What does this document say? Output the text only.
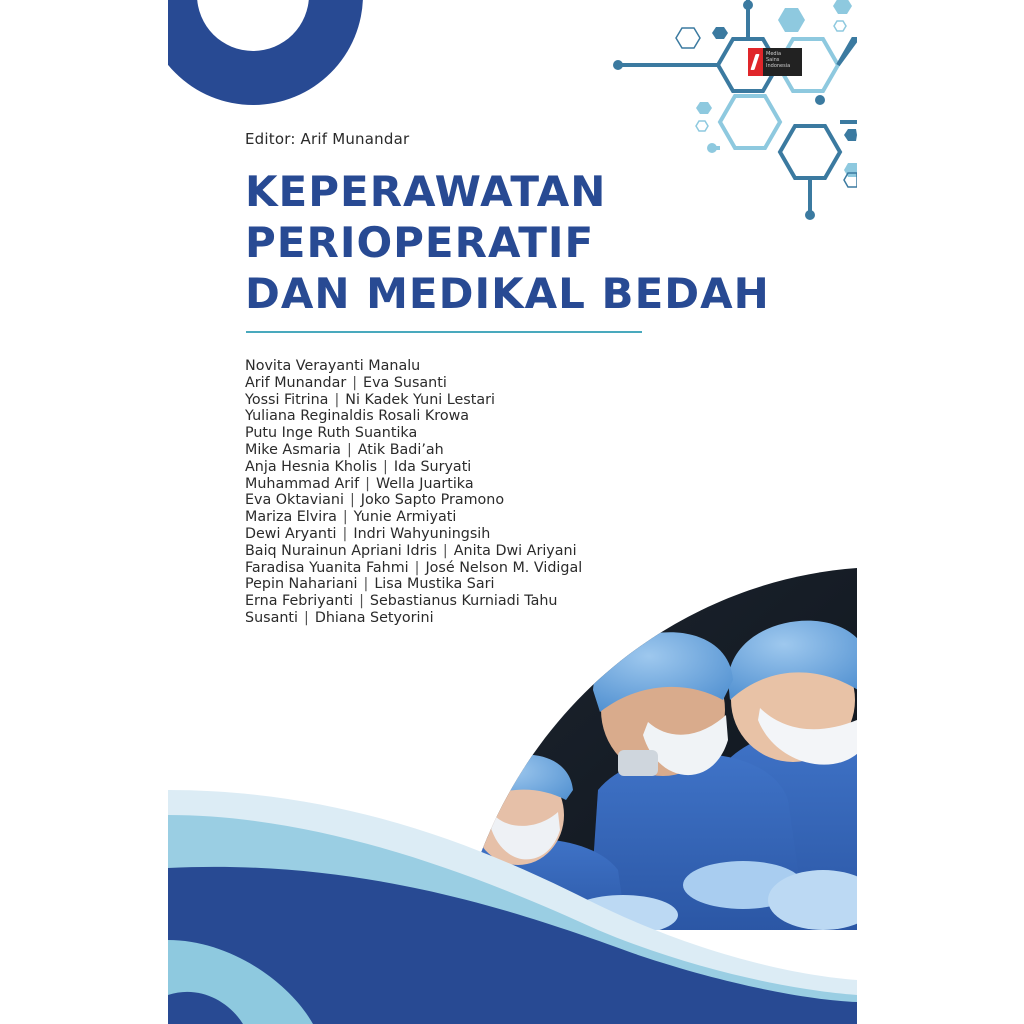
Media
Sains
Indonesia
Editor: Arif Munandar
KEPERAWATAN
PERIOPERATIF
DAN MEDIKAL BEDAH
Novita Verayanti Manalu
Arif Munandar | Eva Susanti
Yossi Fitrina | Ni Kadek Yuni Lestari
Yuliana Reginaldis Rosali Krowa
Putu Inge Ruth Suantika
Mike Asmaria | Atik Badi’ah
Anja Hesnia Kholis | Ida Suryati
Muhammad Arif | Wella Juartika
Eva Oktaviani | Joko Sapto Pramono
Mariza Elvira | Yunie Armiyati
Dewi Aryanti | Indri Wahyuningsih
Baiq Nurainun Apriani Idris | Anita Dwi Ariyani
Faradisa Yuanita Fahmi | José Nelson M. Vidigal
Pepin Nahariani | Lisa Mustika Sari
Erna Febriyanti | Sebastianus Kurniadi Tahu
Susanti | Dhiana Setyorini
